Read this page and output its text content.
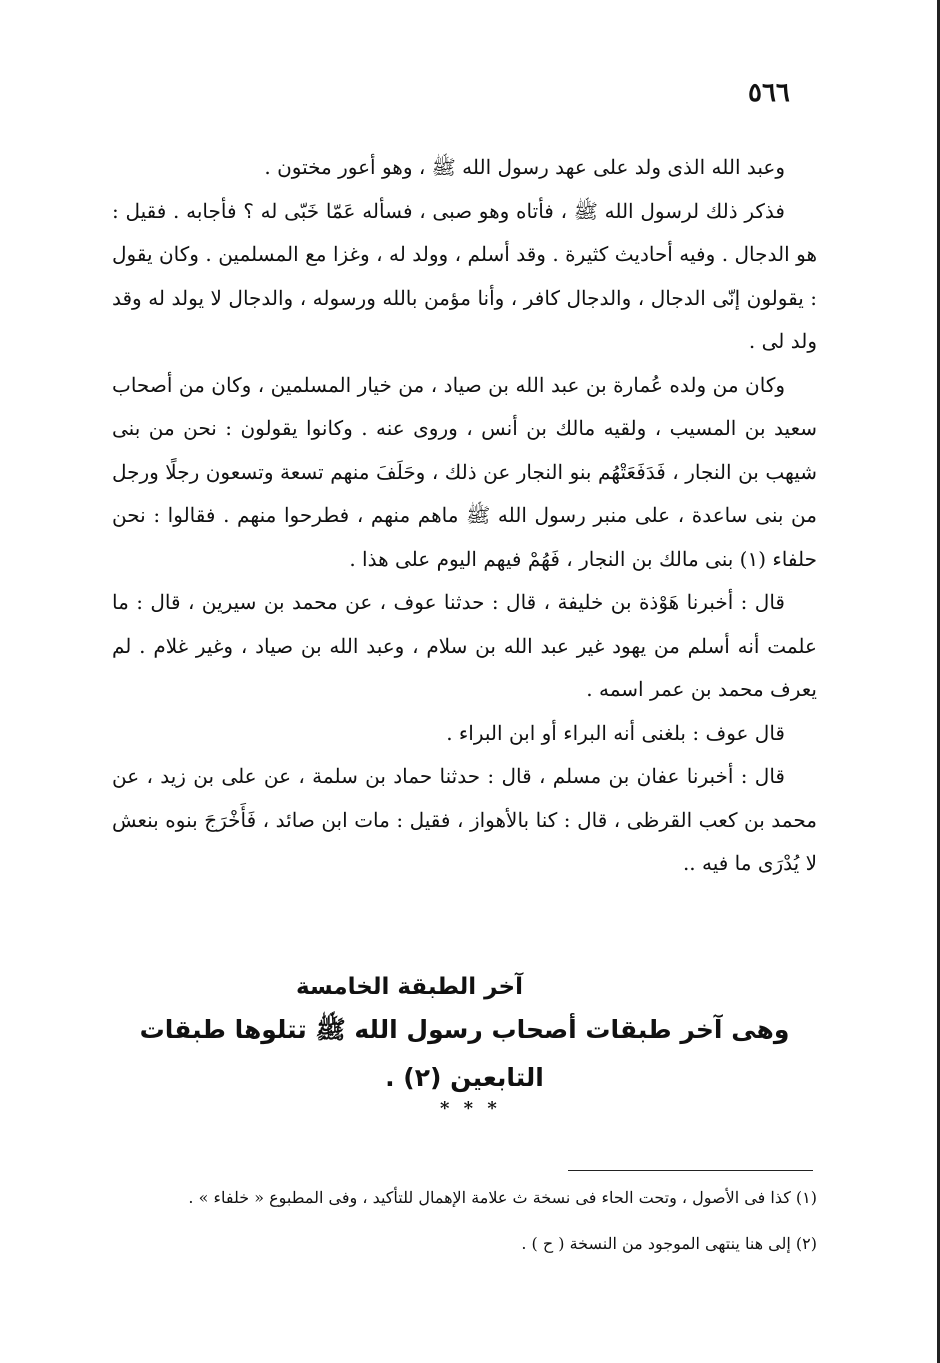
٥٦٦

وعبد الله الذى ولد على عهد رسول الله ﷺ ، وهو أعور مختون .

فذكر ذلك لرسول الله ﷺ ، فأتاه وهو صبى ، فسأله عَمّا خَبّى له ؟ فأجابه . فقيل : هو الدجال . وفيه أحاديث كثيرة . وقد أسلم ، وولد له ، وغزا مع المسلمين . وكان يقول : يقولون إنّى الدجال ، والدجال كافر ، وأنا مؤمن بالله ورسوله ، والدجال لا يولد له وقد ولد لى .

وكان من ولده عُمارة بن عبد الله بن صياد ، من خيار المسلمين ، وكان من أصحاب سعيد بن المسيب ، ولقيه مالك بن أنس ، وروى عنه . وكانوا يقولون : نحن من بنى شيهب بن النجار ، فَدَفَعَتْهُم بنو النجار عن ذلك ، وحَلَفَ منهم تسعة وتسعون رجلًا ورجل من بنى ساعدة ، على منبر رسول الله ﷺ ماهم منهم ، فطرحوا منهم . فقالوا : نحن حلفاء (١) بنى مالك بن النجار ، فَهُمْ فيهم اليوم على هذا .

قال : أخبرنا هَوْذة بن خليفة ، قال : حدثنا عوف ، عن محمد بن سيرين ، قال : ما علمت أنه أسلم من يهود غير عبد الله بن سلام ، وعبد الله بن صياد ، وغير غلام . لم يعرف محمد بن عمر اسمه .

قال عوف : بلغنى أنه البراء أو ابن البراء .

قال : أخبرنا عفان بن مسلم ، قال : حدثنا حماد بن سلمة ، عن على بن زيد ، عن محمد بن كعب القرظى ، قال : كنا بالأهواز ، فقيل : مات ابن صائد ، فَأَخْرَجَ بنوه بنعش لا يُدْرَى ما فيه ..

آخر الطبقة الخامسة
وهى آخر طبقات أصحاب رسول الله ﷺ تتلوها طبقات التابعين (٢) .
* * *

(١) كذا فى الأصول ، وتحت الحاء فى نسخة ث علامة الإهمال للتأكيد ، وفى المطبوع « خلفاء » .

(٢) إلى هنا ينتهى الموجود من النسخة ( ح ) .
